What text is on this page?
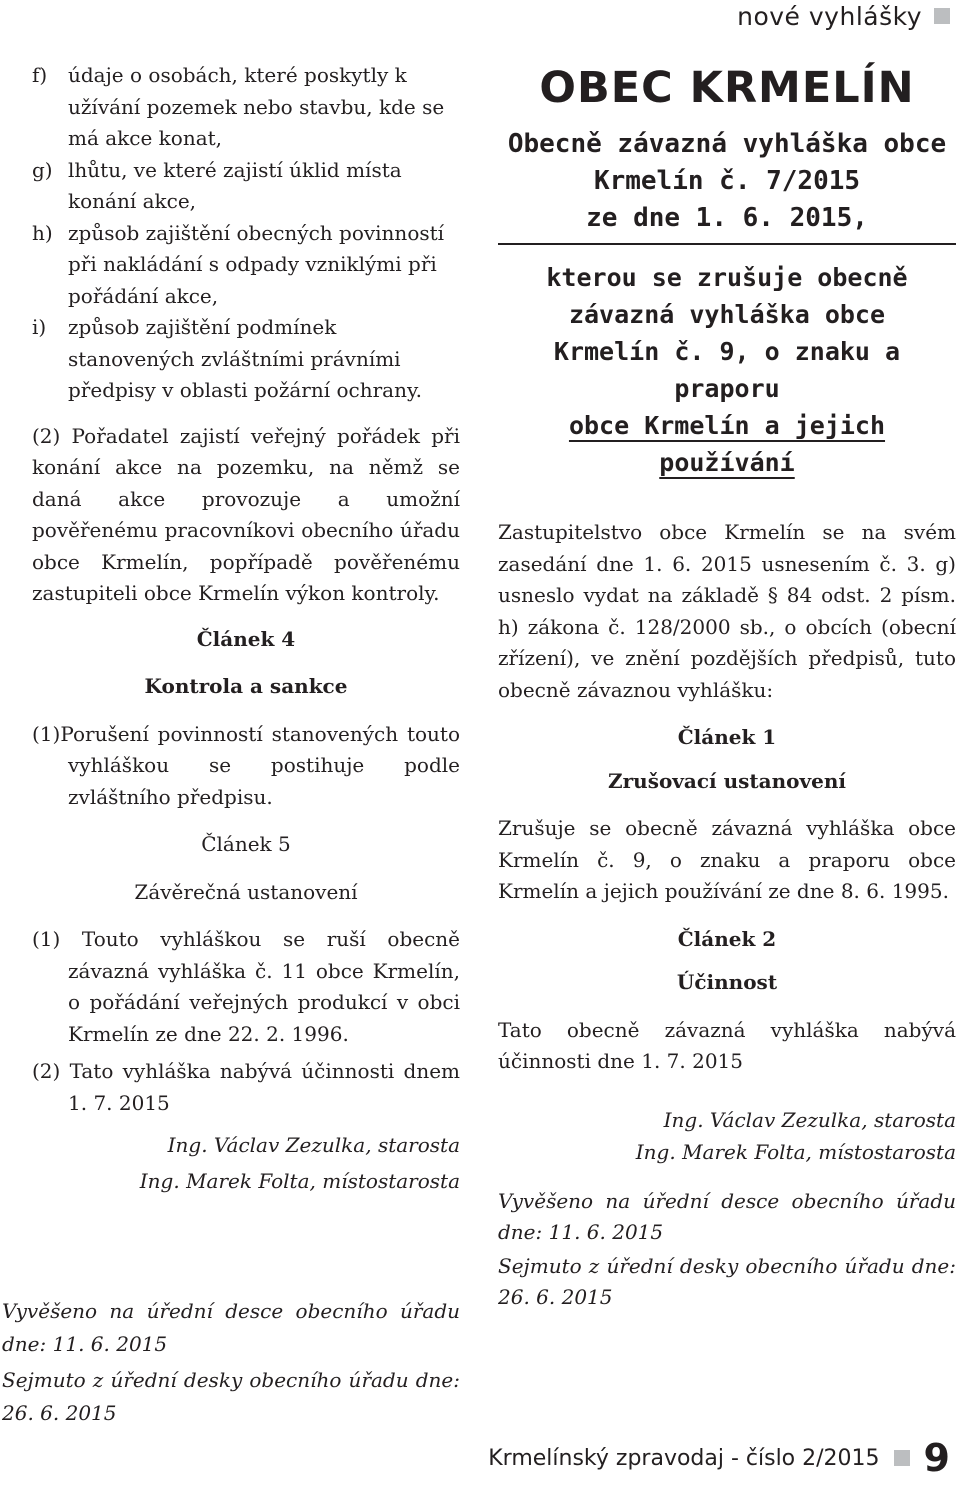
nové vyhlášky
f) údaje o osobách, které poskytly k užívání pozemek nebo stavbu, kde se má akce konat,
g) lhůtu, ve které zajistí úklid místa konání akce,
h) způsob zajištění obecných povinností při nakládání s odpady vzniklými při pořádání akce,
i) způsob zajištění podmínek stanovených zvláštními právními předpisy v oblasti požární ochrany.
(2) Pořadatel zajistí veřejný pořádek při konání akce na pozemku, na němž se daná akce provozuje a umožní pověřenému pracovníkovi obecního úřadu obce Krmelín, popřípadě pověřenému zastupiteli obce Krmelín výkon kontroly.
Článek 4
Kontrola a sankce
(1)Porušení povinností stanovených touto vyhláškou se postihuje podle zvláštního předpisu.
Článek 5
Závěrečná ustanovení
(1) Touto vyhláškou se ruší obecně závazná vyhláška č. 11 obce Krmelín, o pořádání veřejných produkcí v obci Krmelín ze dne 22. 2. 1996.
(2) Tato vyhláška nabývá účinnosti dnem 1. 7. 2015
Ing. Václav Zezulka, starosta
Ing. Marek Folta, místostarosta

Vyvěšeno na úřední desce obecního úřadu dne: 11. 6. 2015

Sejmuto z úřední desky obecního úřadu dne: 26. 6. 2015

OBEC KRMELÍN
Obecně závazná vyhláška obce
Krmelín č. 7/2015
ze dne 1. 6. 2015,
kterou se zrušuje obecně
závazná vyhláška obce
Krmelín č. 9, o znaku a praporu
obce Krmelín a jejich používání

Zastupitelstvo obce Krmelín se na svém zasedání dne 1. 6. 2015 usnesením č. 3. g) usneslo vydat na základě § 84 odst. 2 písm. h) zákona č. 128/2000 sb., o obcích (obecní zřízení), ve znění pozdějších předpisů, tuto obecně závaznou vyhlášku:

Článek 1
Zrušovací ustanovení

Zrušuje se obecně závazná vyhláška obce Krmelín č. 9, o znaku a praporu obce Krmelín a jejich používání ze dne 8. 6. 1995.

Článek 2
Účinnost

Tato obecně závazná vyhláška nabývá účinnosti dne 1. 7. 2015

Ing. Václav Zezulka, starosta
Ing. Marek Folta, místostarosta

Vyvěšeno na úřední desce obecního úřadu dne: 11. 6. 2015

Sejmuto z úřední desky obecního úřadu dne: 26. 6. 2015

Krmelínský zpravodaj - číslo 2/2015 9
